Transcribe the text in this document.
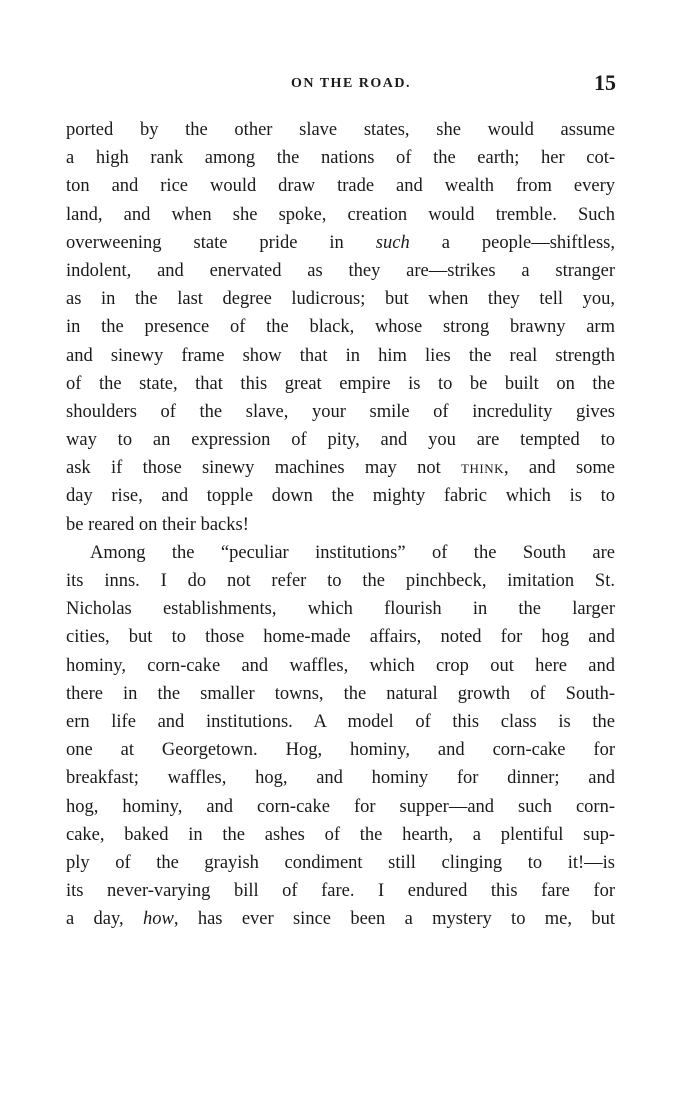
ON THE ROAD.	15
ported by the other slave states, she would assume
a high rank among the nations of the earth; her cot-
ton and rice would draw trade and wealth from every
land, and when she spoke, creation would tremble. Such
overweening state pride in such a people—shiftless,
indolent, and enervated as they are—strikes a stranger
as in the last degree ludicrous; but when they tell you,
in the presence of the black, whose strong brawny arm
and sinewy frame show that in him lies the real strength
of the state, that this great empire is to be built on the
shoulders of the slave, your smile of incredulity gives
way to an expression of pity, and you are tempted to
ask if those sinewy machines may not think, and some
day rise, and topple down the mighty fabric which is to
be reared on their backs!
Among the “peculiar institutions” of the South are
its inns. I do not refer to the pinchbeck, imitation St.
Nicholas establishments, which flourish in the larger
cities, but to those home-made affairs, noted for hog and
hominy, corn-cake and waffles, which crop out here and
there in the smaller towns, the natural growth of South-
ern life and institutions. A model of this class is the
one at Georgetown. Hog, hominy, and corn-cake for
breakfast; waffles, hog, and hominy for dinner; and
hog, hominy, and corn-cake for supper—and such corn-
cake, baked in the ashes of the hearth, a plentiful sup-
ply of the grayish condiment still clinging to it!—is
its never-varying bill of fare. I endured this fare for
a day, how, has ever since been a mystery to me, but
